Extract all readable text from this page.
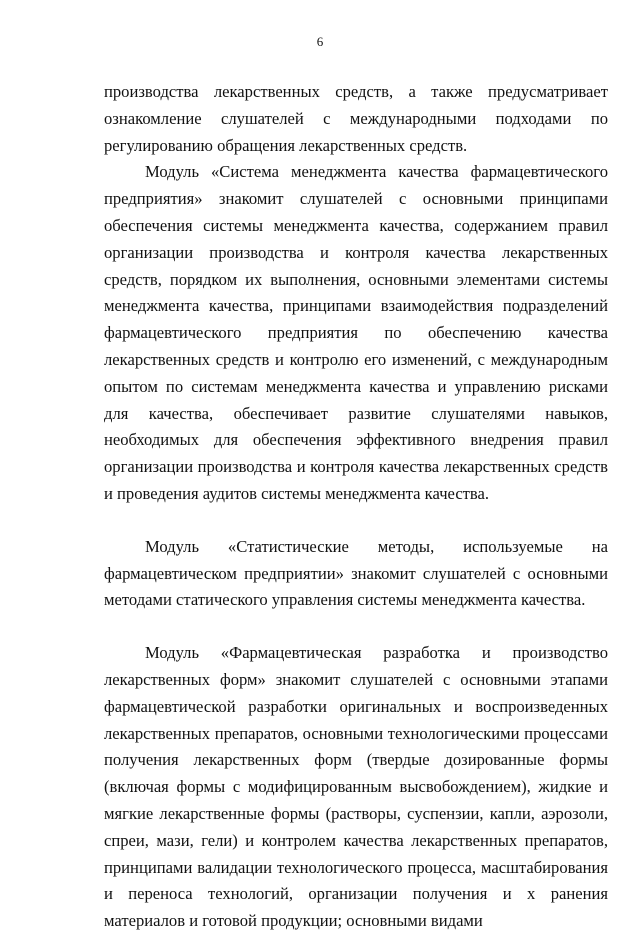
6

производства лекарственных средств, а также предусматривает ознакомление слушателей с международными подходами по регулированию обращения лекарственных средств.

Модуль «Система менеджмента качества фармацевтического предприятия» знакомит слушателей с основными принципами обеспечения системы менеджмента качества, содержанием правил организации производства и контроля качества лекарственных средств, порядком их выполнения, основными элементами системы менеджмента качества, принципами взаимодействия подразделений фармацевтического предприятия по обеспечению качества лекарственных средств и контролю его изменений, с международным опытом по системам менеджмента качества и управлению рисками для качества, обеспечивает развитие слушателями навыков, необходимых для обеспечения эффективного внедрения правил организации производства и контроля качества лекарственных средств и проведения аудитов системы менеджмента качества.

Модуль «Статистические методы, используемые на фармацевтическом предприятии» знакомит слушателей с основными методами статического управления системы менеджмента качества.

Модуль «Фармацевтическая разработка и производство лекарственных форм» знакомит слушателей с основными этапами фармацевтической разработки оригинальных и воспроизведенных лекарственных препаратов, основными технологическими процессами получения лекарственных форм (твердые дозированные формы (включая формы с модифицированным высвобождением), жидкие и мягкие лекарственные формы (растворы, суспензии, капли, аэрозоли, спреи, мази, гели) и контролем качества лекарственных препаратов, принципами валидации технологического процесса, масштабирования и переноса технологий, организации получения и х ранения материалов и готовой продукции; основными видами
